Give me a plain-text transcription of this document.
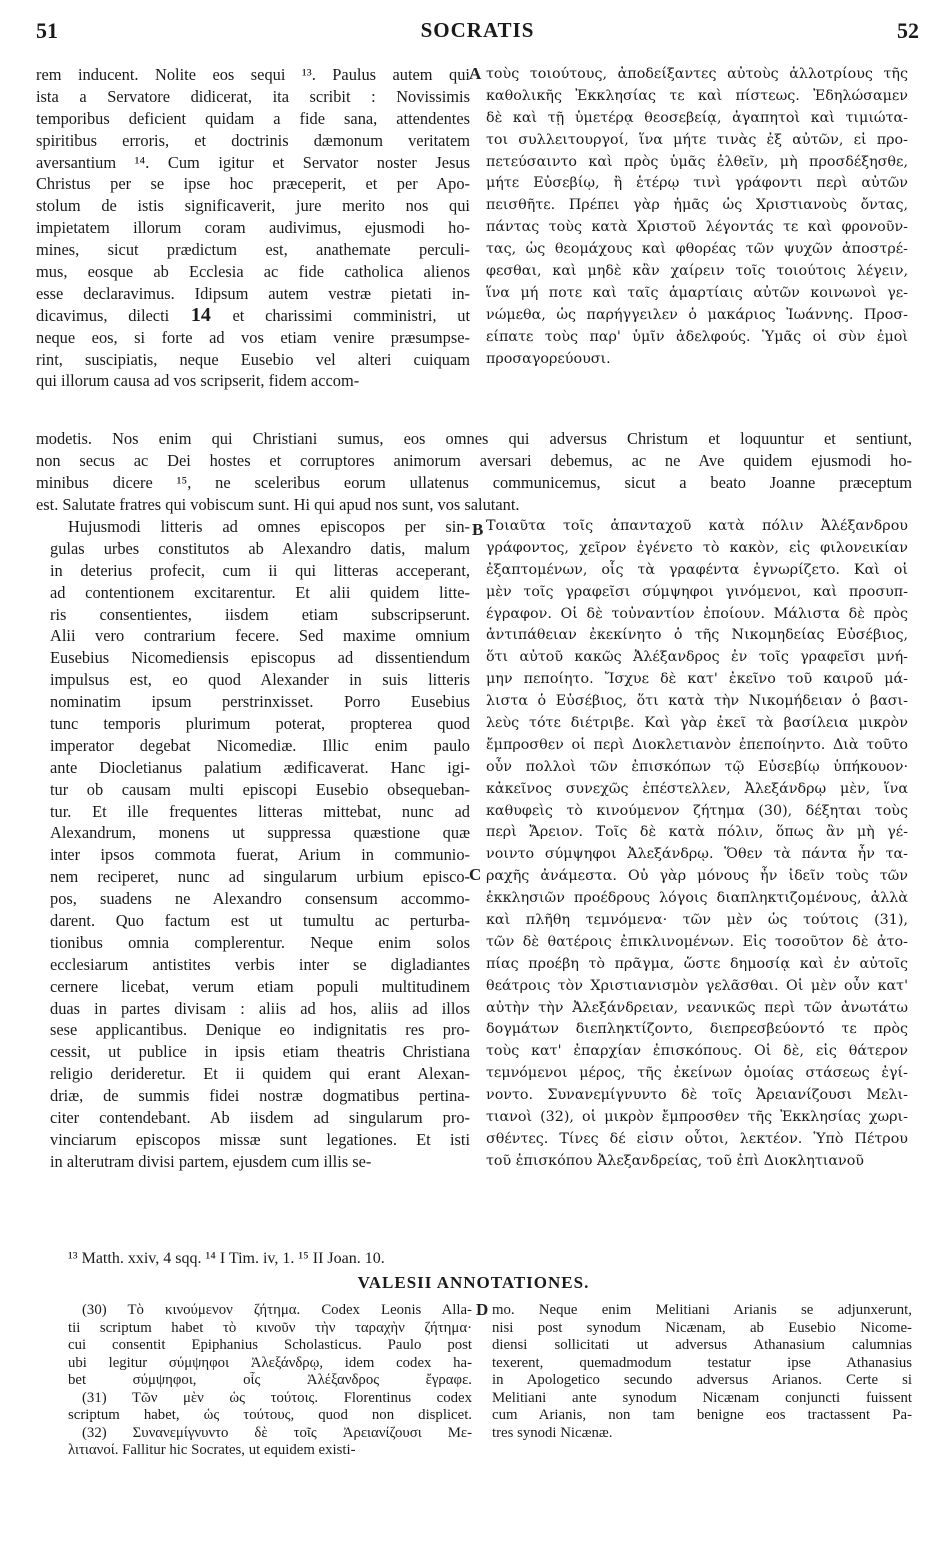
51	SOCRATIS	52
rem inducent. Nolite eos sequi ¹³. Paulus autem qui
ista a Servatore didicerat, ita scribit : Novissimis
temporibus deficient quidam a fide sana, attendentes
spiritibus erroris, et doctrinis dæmonum veritatem
aversantium ¹⁴. Cum igitur et Servator noster Jesus
Christus per se ipse hoc præceperit, et per Apo-
stolum de istis significaverit, jure merito nos qui
impietatem illorum coram audivimus, ejusmodi ho-
mines, sicut prædictum est, anathemate perculi-
mus, eosque ab Ecclesia ac fide catholica alienos
esse declaravimus. Idipsum autem vestræ pietati in-
dicavimus, dilecti 14 et charissimi comministri, ut
neque eos, si forte ad vos etiam venire præsumpse-
rint, suscipiatis, neque Eusebio vel alteri cuiquam
qui illorum causa ad vos scripserit, fidem accom-
τοὺς τοιούτους, ἀποδείξαντες αὐτοὺς ἀλλοτρίους τῆς
καθολικῆς Ἐκκλησίας τε καὶ πίστεως. Ἐδηλώσαμεν
δὲ καὶ τῇ ὑμετέρᾳ θεοσεβείᾳ, ἀγαπητοὶ καὶ τιμιώτα-
τοι συλλειτουργοί, ἵνα μήτε τινὰς ἐξ αὐτῶν, εἰ προ-
πετεύσαιντο καὶ πρὸς ὑμᾶς ἐλθεῖν, μὴ προσδέξησθε,
μήτε Εὐσεβίῳ, ἢ ἑτέρῳ τινὶ γράφοντι περὶ αὐτῶν
πεισθῆτε. Πρέπει γὰρ ἡμᾶς ὡς Χριστιανοὺς ὄντας,
πάντας τοὺς κατὰ Χριστοῦ λέγοντάς τε καὶ φρονοῦν-
τας, ὡς θεομάχους καὶ φθορέας τῶν ψυχῶν ἀποστρέ-
φεσθαι, καὶ μηδὲ κἂν χαίρειν τοῖς τοιούτοις λέγειν,
ἵνα μή ποτε καὶ ταῖς ἁμαρτίαις αὐτῶν κοινωνοὶ γε-
νώμεθα, ὡς παρήγγειλεν ὁ μακάριος Ἰωάννης. Προσ-
είπατε τοὺς παρ' ὑμῖν ἀδελφούς. Ὑμᾶς οἱ σὺν ἐμοὶ
προσαγορεύουσι.
A
modetis. Nos enim qui Christiani sumus, eos omnes qui adversus Christum et loquuntur et sentiunt,
non secus ac Dei hostes et corruptores animorum aversari debemus, ac ne Ave quidem ejusmodi ho-
minibus dicere ¹⁵, ne sceleribus eorum ullatenus communicemus, sicut a beato Joanne præceptum
est. Salutate fratres qui vobiscum sunt. Hi qui apud nos sunt, vos salutant.
Hujusmodi litteris ad omnes episcopos per sin-
gulas urbes constitutos ab Alexandro datis, malum
in deterius profecit, cum ii qui litteras acceperant,
ad contentionem excitarentur. Et alii quidem litte-
ris consentientes, iisdem etiam subscripserunt.
Alii vero contrarium fecere. Sed maxime omnium
Eusebius Nicomediensis episcopus ad dissentiendum
impulsus est, eo quod Alexander in suis litteris
nominatim ipsum perstrinxisset. Porro Eusebius
tunc temporis plurimum poterat, propterea quod
imperator degebat Nicomediæ. Illic enim paulo
ante Diocletianus palatium ædificaverat. Hanc igi-
tur ob causam multi episcopi Eusebio obsequeban-
tur. Et ille frequentes litteras mittebat, nunc ad
Alexandrum, monens ut suppressa quæstione quæ
inter ipsos commota fuerat, Arium in communio-
nem reciperet, nunc ad singularum urbium episco-
pos, suadens ne Alexandro consensum accommo-
darent. Quo factum est ut tumultu ac perturba-
tionibus omnia complerentur. Neque enim solos
ecclesiarum antistites verbis inter se digladiantes
cernere licebat, verum etiam populi multitudinem
duas in partes divisam : aliis ad hos, aliis ad illos
sese applicantibus. Denique eo indignitatis res pro-
cessit, ut publice in ipsis etiam theatris Christiana
religio derideretur. Et ii quidem qui erant Alexan-
driæ, de summis fidei nostræ dogmatibus pertina-
citer contendebant. Ab iisdem ad singularum pro-
vinciarum episcopos missæ sunt legationes. Et isti
in alterutram divisi partem, ejusdem cum illis se-
Τοιαῦτα τοῖς ἁπανταχοῦ κατὰ πόλιν Ἀλέξανδρου
γράφοντος, χεῖρον ἐγένετο τὸ κακὸν, εἰς φιλονεικίαν
ἐξαπτομένων, οἷς τὰ γραφέντα ἐγνωρίζετο. Καὶ οἱ
μὲν τοῖς γραφεῖσι σύμψηφοι γινόμενοι, καὶ προσυπ-
έγραφον. Οἱ δὲ τοὐναντίον ἐποίουν. Μάλιστα δὲ πρὸς
ἀντιπάθειαν ἐκεκίνητο ὁ τῆς Νικομηδείας Εὐσέβιος,
ὅτι αὐτοῦ κακῶς Ἀλέξανδρος ἐν τοῖς γραφεῖσι μνή-
μην πεποίητο. Ἴσχυε δὲ κατ' ἐκεῖνο τοῦ καιροῦ μά-
λιστα ὁ Εὐσέβιος, ὅτι κατὰ τὴν Νικομήδειαν ὁ βασι-
λεὺς τότε διέτριβε. Καὶ γὰρ ἐκεῖ τὰ βασίλεια μικρὸν
ἔμπροσθεν οἱ περὶ Διοκλετιανὸν ἐπεποίηντο. Διὰ τοῦτο
οὖν πολλοὶ τῶν ἐπισκόπων τῷ Εὐσεβίῳ ὑπήκουον·
κἀκεῖνος συνεχῶς ἐπέστελλεν, Ἀλεξάνδρῳ μὲν, ἵνα
καθυφεὶς τὸ κινούμενον ζήτημα (30), δέξηται τοὺς
περὶ Ἄρειον. Τοῖς δὲ κατὰ πόλιν, ὅπως ἂν μὴ γέ-
νοιντο σύμψηφοι Ἀλεξάνδρῳ. Ὅθεν τὰ πάντα ἦν τα-
ραχῆς ἀνάμεστα. Οὐ γὰρ μόνους ἦν ἰδεῖν τοὺς τῶν
ἐκκλησιῶν προέδρους λόγοις διαπληκτιζομένους, ἀλλὰ
καὶ πλῆθη τεμνόμενα· τῶν μὲν ὡς τούτοις (31),
τῶν δὲ θατέροις ἐπικλινομένων. Εἰς τοσοῦτον δὲ ἀτο-
πίας προέβη τὸ πρᾶγμα, ὥστε δημοσίᾳ καὶ ἐν αὐτοῖς
θεάτροις τὸν Χριστιανισμὸν γελᾶσθαι. Οἱ μὲν οὖν κατ'
αὐτὴν τὴν Ἀλεξάνδρειαν, νεανικῶς περὶ τῶν ἀνωτάτω
δογμάτων διεπληκτίζοντο, διεπρεσβεύοντό τε πρὸς
τοὺς κατ' ἐπαρχίαν ἐπισκόπους. Οἱ δὲ, εἰς θάτερον
τεμνόμενοι μέρος, τῆς ἐκείνων ὁμοίας στάσεως ἐγί-
νοντο. Συνανεμίγνυντο δὲ τοῖς Ἀρειανίζουσι Μελι-
τιανοὶ (32), οἱ μικρὸν ἔμπροσθεν τῆς Ἐκκλησίας χωρι-
σθέντες. Τίνες δέ εἰσιν οὗτοι, λεκτέον. Ὑπὸ Πέτρου
τοῦ ἐπισκόπου Ἀλεξανδρείας, τοῦ ἐπὶ Διοκλητιανοῦ
B
C
¹³ Matth. xxiv, 4 sqq. ¹⁴ I Tim. iv, 1. ¹⁵ II Joan. 10.
VALESII ANNOTATIONES.
(30) Τὸ κινούμενον ζήτημα. Codex Leonis Alla-
tii scriptum habet τὸ κινοῦν τὴν ταραχὴν ζήτημα·
cui consentit Epiphanius Scholasticus. Paulo post
ubi legitur σύμψηφοι Ἀλεξάνδρῳ, idem codex ha-
bet σύμψηφοι, οἷς Ἀλέξανδρος ἔγραφε.
(31) Τῶν μὲν ὡς τούτοις. Florentinus codex
scriptum habet, ὡς τούτους, quod non displicet.
(32) Συνανεμίγνυντο δὲ τοῖς Ἀρειανίζουσι Με-
λιτιανοί. Fallitur hic Socrates, ut equidem existi-
D mo. Neque enim Melitiani Arianis se adjunxerunt,
nisi post synodum Nicænam, ab Eusebio Nicome-
diensi sollicitati ut adversus Athanasium calumnias
texerent, quemadmodum testatur ipse Athanasius
in Apologetico secundo adversus Arianos. Certe si
Melitiani ante synodum Nicænam conjuncti fuissent
cum Arianis, non tam benigne eos tractassent Pa-
tres synodi Nicænæ.
